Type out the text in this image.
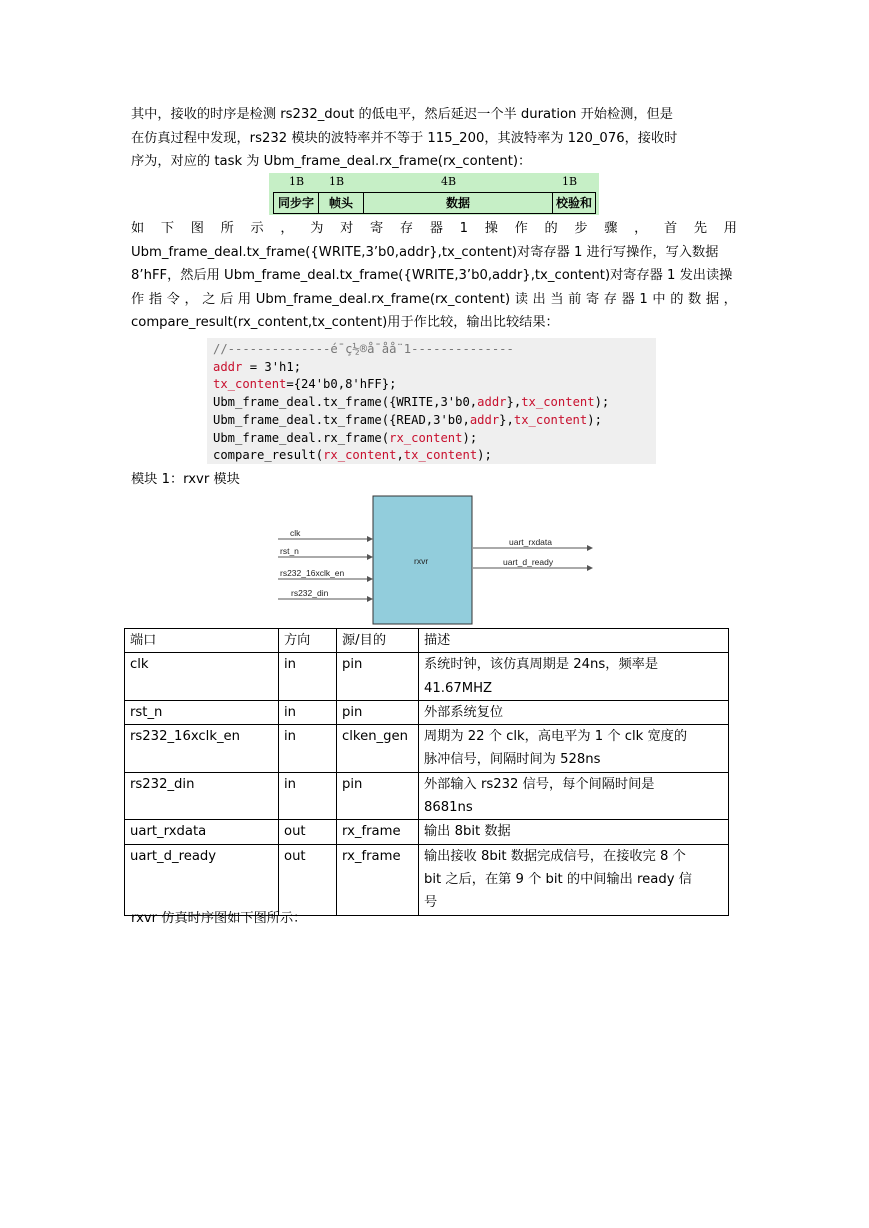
其中，接收的时序是检测 rs232_dout 的低电平，然后延迟一个半 duration 开始检测，但是
在仿真过程中发现，rs232 模块的波特率并不等于 115_200，其波特率为 120_076，接收时
序为，对应的 task 为 Ubm_frame_deal.rx_frame(rx_content)：
1B 1B	4B	1B
同步字	帧头	数据	校验和
如 下 图 所 示 ， 为 对 寄 存 器 1 操 作 的 步 骤 ， 首 先 用
Ubm_frame_deal.tx_frame({WRITE,3’b0,addr},tx_content)对寄存器 1 进行写操作，写入数据
8’hFF，然后用 Ubm_frame_deal.tx_frame({WRITE,3’b0,addr},tx_content)对寄存器 1 发出读操
作 指 令 ， 之 后 用 Ubm_frame_deal.rx_frame(rx_content) 读 出 当 前 寄 存 器 1 中 的 数 据 ，
compare_result(rx_content,tx_content)用于作比较，输出比较结果：
//--------------é¯ç½®å¯åå¨1--------------
addr = 3'h1;
tx_content={24'b0,8'hFF};
Ubm_frame_deal.tx_frame({WRITE,3'b0,addr},tx_content);
Ubm_frame_deal.tx_frame({READ,3'b0,addr},tx_content);
Ubm_frame_deal.rx_frame(rx_content);
compare_result(rx_content,tx_content);
模块 1：rxvr 模块
rxvr
clk
rst_n
rs232_16xclk_en
rs232_din
uart_rxdata
uart_d_ready
端口	方向	源/目的	描述
clk	in	pin	系统时钟，该仿真周期是 24ns，频率是
41.67MHZ

rst_n	in	pin	外部系统复位

rs232_16xclk_en	in	clken_gen	周期为 22 个 clk，高电平为 1 个 clk 宽度的
脉冲信号，间隔时间为 528ns

rs232_din	in	pin	外部输入 rs232 信号，每个间隔时间是
8681ns

uart_rxdata	out	rx_frame	输出 8bit 数据

uart_d_ready	out	rx_frame	输出接收 8bit 数据完成信号，在接收完 8 个
bit 之后，在第 9 个 bit 的中间输出 ready 信
号
rxvr 仿真时序图如下图所示：
